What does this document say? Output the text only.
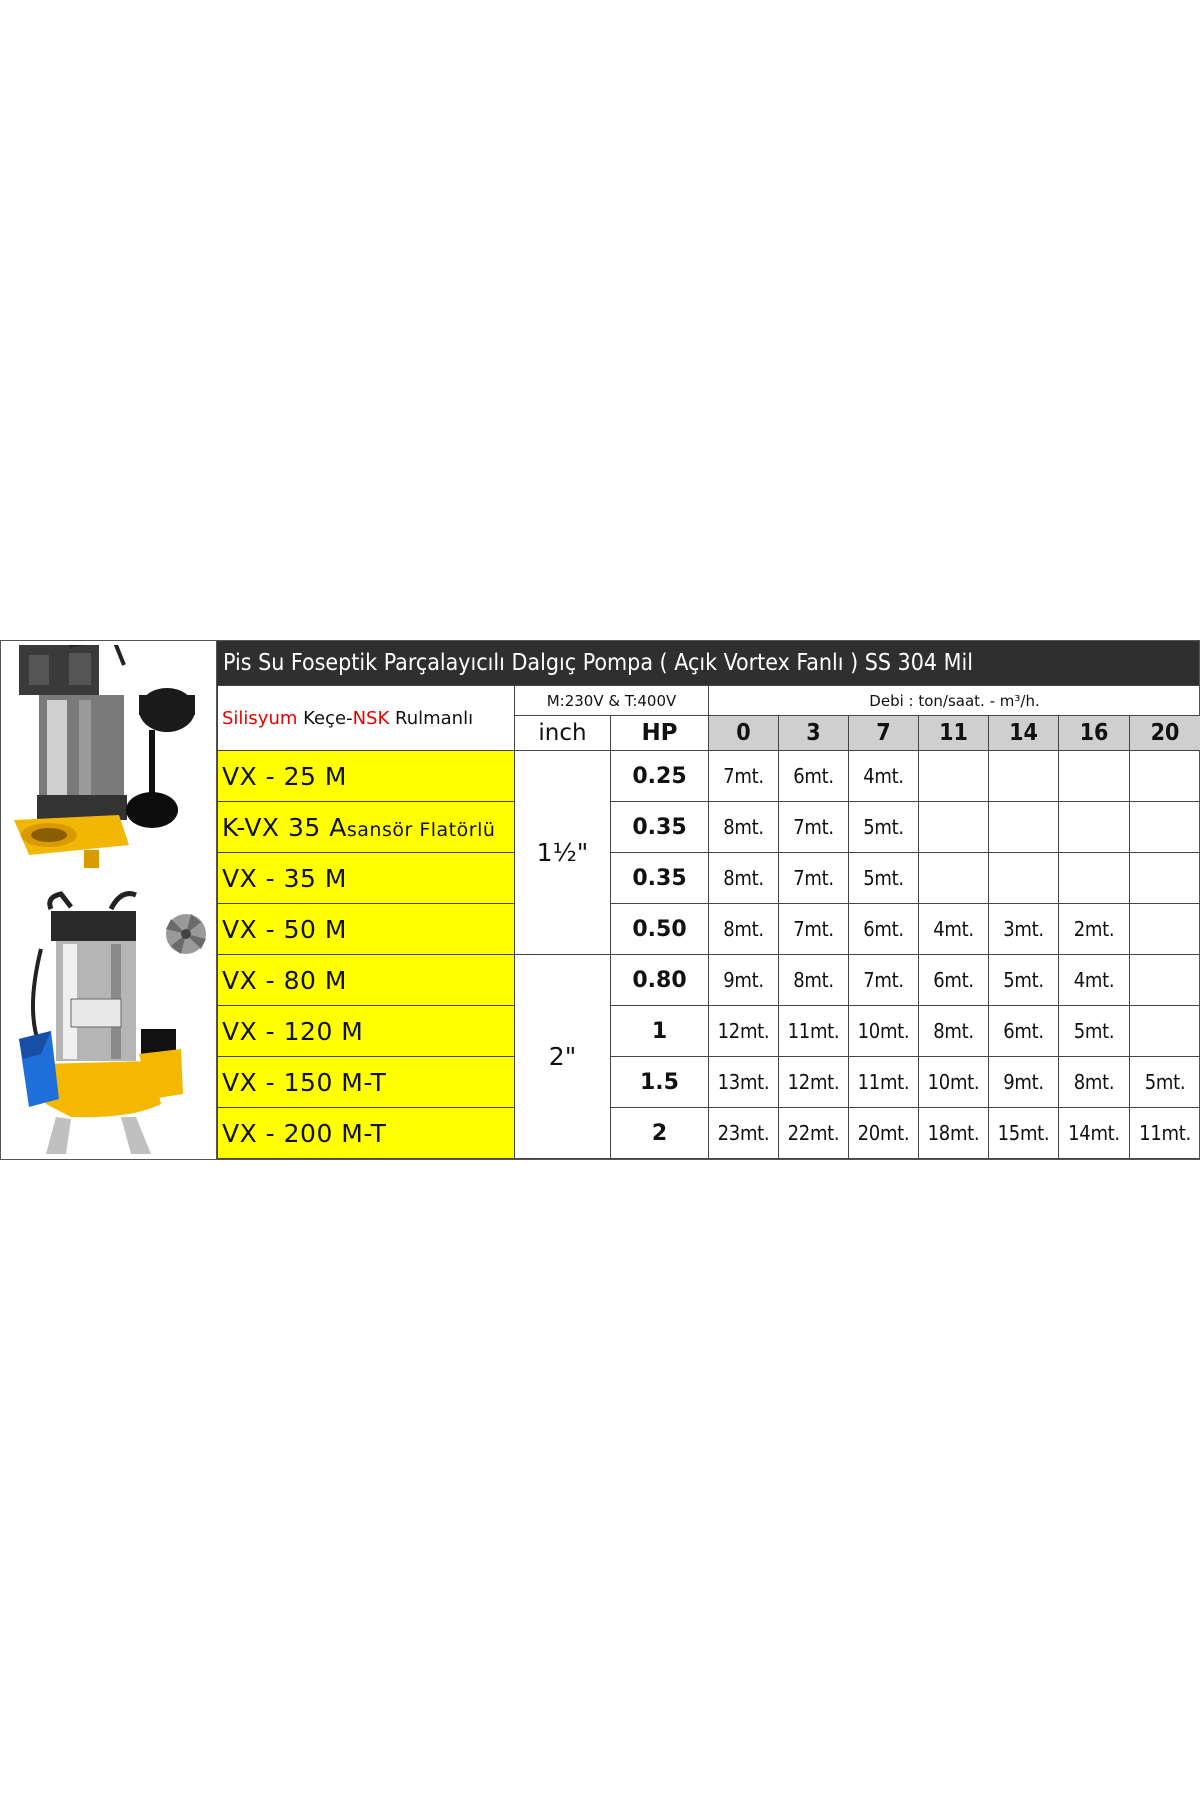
Pis Su Foseptik Parçalayıcılı Dalgıç Pompa ( Açık Vortex Fanlı ) SS 304 Mil
Silisyum Keçe-NSK Rulmanlı	M:230V & T:400V		Debi : ton/saat. - m³/h.						
	inch	HP	0	3	7	11	14	16	20
VX - 25 M	1½"	0.25	7mt.	6mt.	4mt.				
K-VX 35 Asansör Flatörlü		0.35	8mt.	7mt.	5mt.				
VX - 35 M		0.35	8mt.	7mt.	5mt.				
VX - 50 M		0.50	8mt.	7mt.	6mt.	4mt.	3mt.	2mt.	
VX - 80 M	2"	0.80	9mt.	8mt.	7mt.	6mt.	5mt.	4mt.	
VX - 120 M		1	12mt.	11mt.	10mt.	8mt.	6mt.	5mt.	
VX - 150 M-T		1.5	13mt.	12mt.	11mt.	10mt.	9mt.	8mt.	5mt.
VX - 200 M-T		2	23mt.	22mt.	20mt.	18mt.	15mt.	14mt.	11mt.
